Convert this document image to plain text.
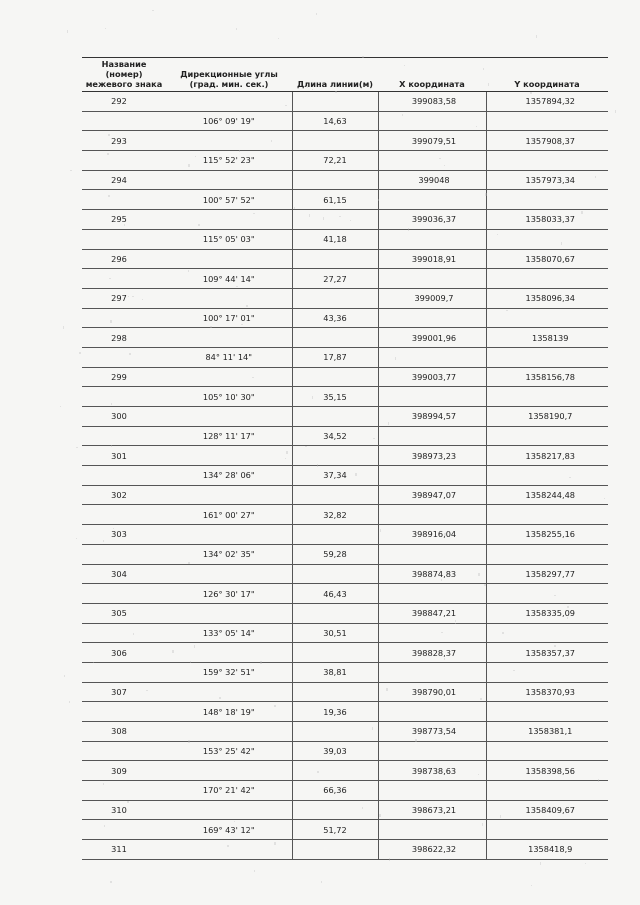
Название (номер) межевого знака	Дирекционные углы (град. мин. сек.)	Длина линии(м)	X координата	Y координата
292			399083,58	1357894,32
	106° 09' 19"	14,63		
293			399079,51	1357908,37
	115° 52' 23"	72,21		
294			399048	1357973,34
	100° 57' 52"	61,15		
295			399036,37	1358033,37
	115° 05' 03"	41,18		
296			399018,91	1358070,67
	109° 44' 14"	27,27		
297			399009,7	1358096,34
	100° 17' 01"	43,36		
298			399001,96	1358139
	84° 11' 14"	17,87		
299			399003,77	1358156,78
	105° 10' 30"	35,15		
300			398994,57	1358190,7
	128° 11' 17"	34,52		
301			398973,23	1358217,83
	134° 28' 06"	37,34		
302			398947,07	1358244,48
	161° 00' 27"	32,82		
303			398916,04	1358255,16
	134° 02' 35"	59,28		
304			398874,83	1358297,77
	126° 30' 17"	46,43		
305			398847,21	1358335,09
	133° 05' 14"	30,51		
306			398828,37	1358357,37
	159° 32' 51"	38,81		
307			398790,01	1358370,93
	148° 18' 19"	19,36		
308			398773,54	1358381,1
	153° 25' 42"	39,03		
309			398738,63	1358398,56
	170° 21' 42"	66,36		
310			398673,21	1358409,67
	169° 43' 12"	51,72		
311			398622,32	1358418,9
